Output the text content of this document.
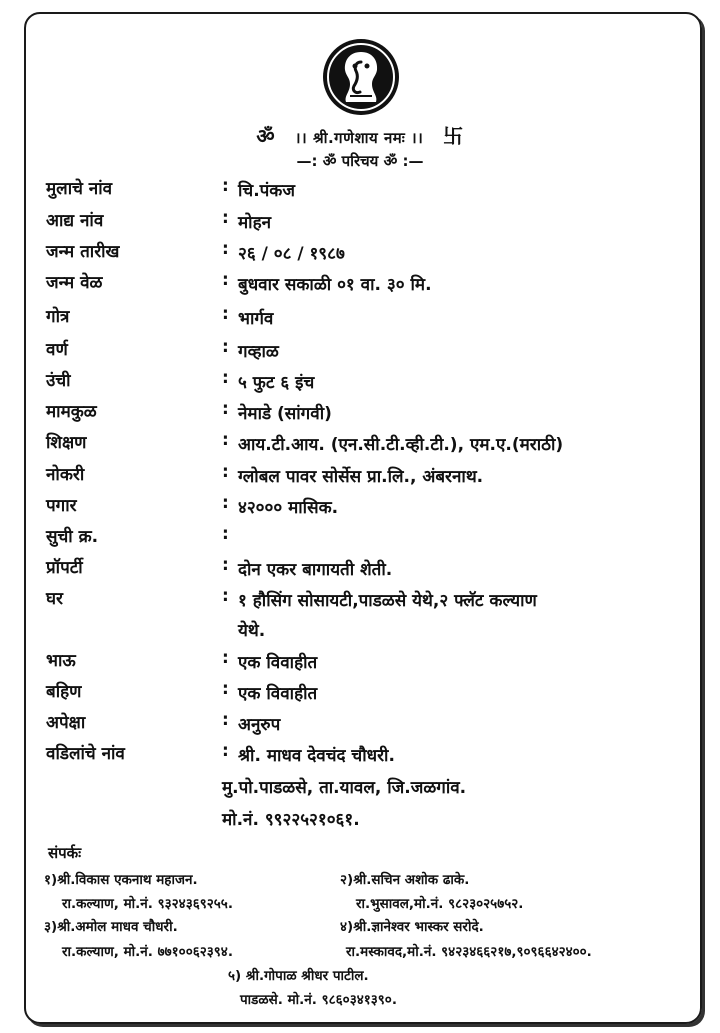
ॐ ।। श्री.गणेशाय नमः ।। 卐
—: ॐ परिचय ॐ :—
मुलाचे नांव	: चि.पंकज
आद्य नांव	: मोहन
जन्म तारीख	: २६ / ०८ / १९८७
जन्म वेळ	: बुधवार सकाळी ०१ वा. ३० मि.
गोत्र	: भार्गव
वर्ण	: गव्हाळ
उंची	: ५ फुट ६ इंच
मामकुळ	: नेमाडे (सांगवी)
शिक्षण	: आय.टी.आय. (एन.सी.टी.व्ही.टी.), एम.ए.(मराठी)
नोकरी	: ग्लोबल पावर सोर्सेस प्रा.लि., अंबरनाथ.
पगार	: ४२००० मासिक.
सुची क्र.	:
प्रॉपर्टी	: दोन एकर बागायती शेती.
घर	: १ हौसिंग सोसायटी,पाडळसे येथे,२ फ्लॅट कल्याण
येथे.
भाऊ	: एक विवाहीत
बहिण	: एक विवाहीत
अपेक्षा	: अनुरुप
वडिलांचे नांव	: श्री. माधव देवचंद चौधरी.
मु.पो.पाडळसे, ता.यावल, जि.जळगांव.
मो.नं. ९९२२५२१०६१.
संपर्कः
१)श्री.विकास एकनाथ महाजन.	२)श्री.सचिन अशोक ढाके.
रा.कल्याण, मो.नं. ९३२४३६९२५५.	रा.भुसावल,मो.नं. ९८२३०२५७५२.
३)श्री.अमोल माधव चौधरी.	४)श्री.ज्ञानेश्वर भास्कर सरोदे.
रा.कल्याण, मो.नं. ७७१००६२३९४.	रा.मस्कावद,मो.नं. ९४२३४६६२१७,९०९६६४२४००.
५) श्री.गोपाळ श्रीधर पाटील.
पाडळसे. मो.नं. ९८६०३४१३९०.
